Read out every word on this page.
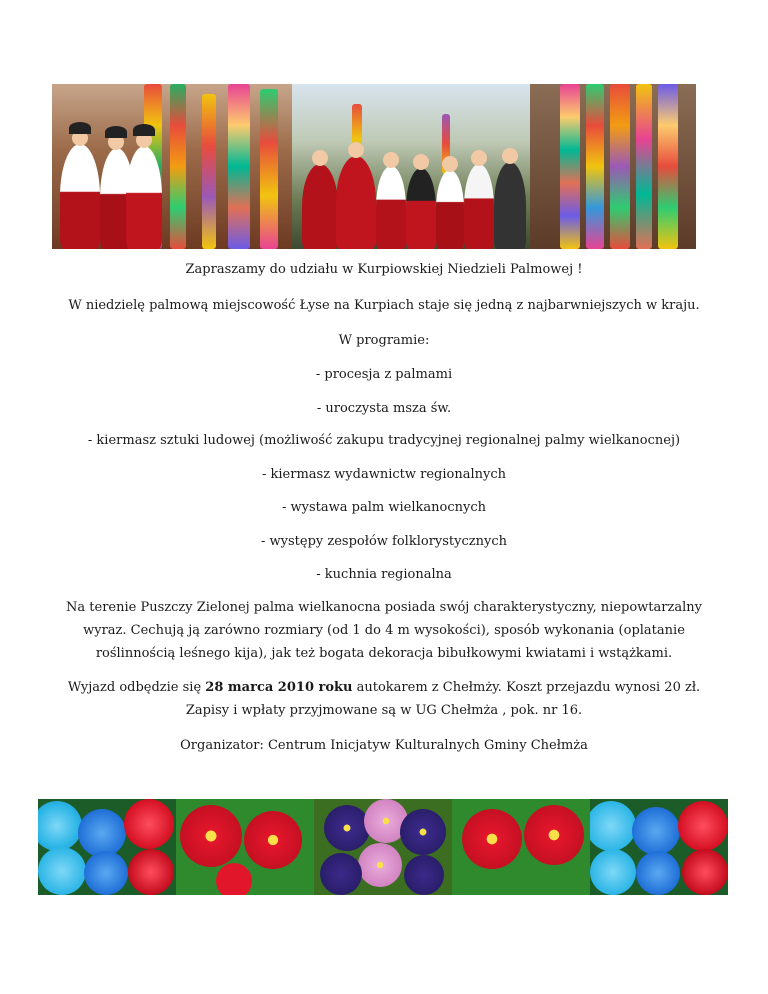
Zapraszamy do udziału w Kurpiowskiej Niedzieli Palmowej !

W niedzielę palmową miejscowość Łyse na Kurpiach staje się jedną z najbarwniejszych w kraju.

W programie:

- procesja z palmami

- uroczysta msza św.

- kiermasz sztuki ludowej (możliwość zakupu tradycyjnej regionalnej palmy wielkanocnej)

- kiermasz wydawnictw regionalnych

- wystawa palm wielkanocnych

- występy zespołów folklorystycznych

- kuchnia regionalna

Na terenie Puszczy Zielonej palma wielkanocna posiada swój charakterystyczny, niepowtarzalny

wyraz. Cechują ją zarówno rozmiary (od 1 do 4 m wysokości), sposób wykonania (oplatanie

roślinnością leśnego kija), jak też bogata dekoracja bibułkowymi kwiatami i wstążkami.

Wyjazd odbędzie się 28 marca 2010 roku autokarem z Chełmży. Koszt przejazdu wynosi 20 zł.

Zapisy i wpłaty przyjmowane są w UG Chełmża , pok. nr 16.

Organizator: Centrum Inicjatyw Kulturalnych Gminy Chełmża
